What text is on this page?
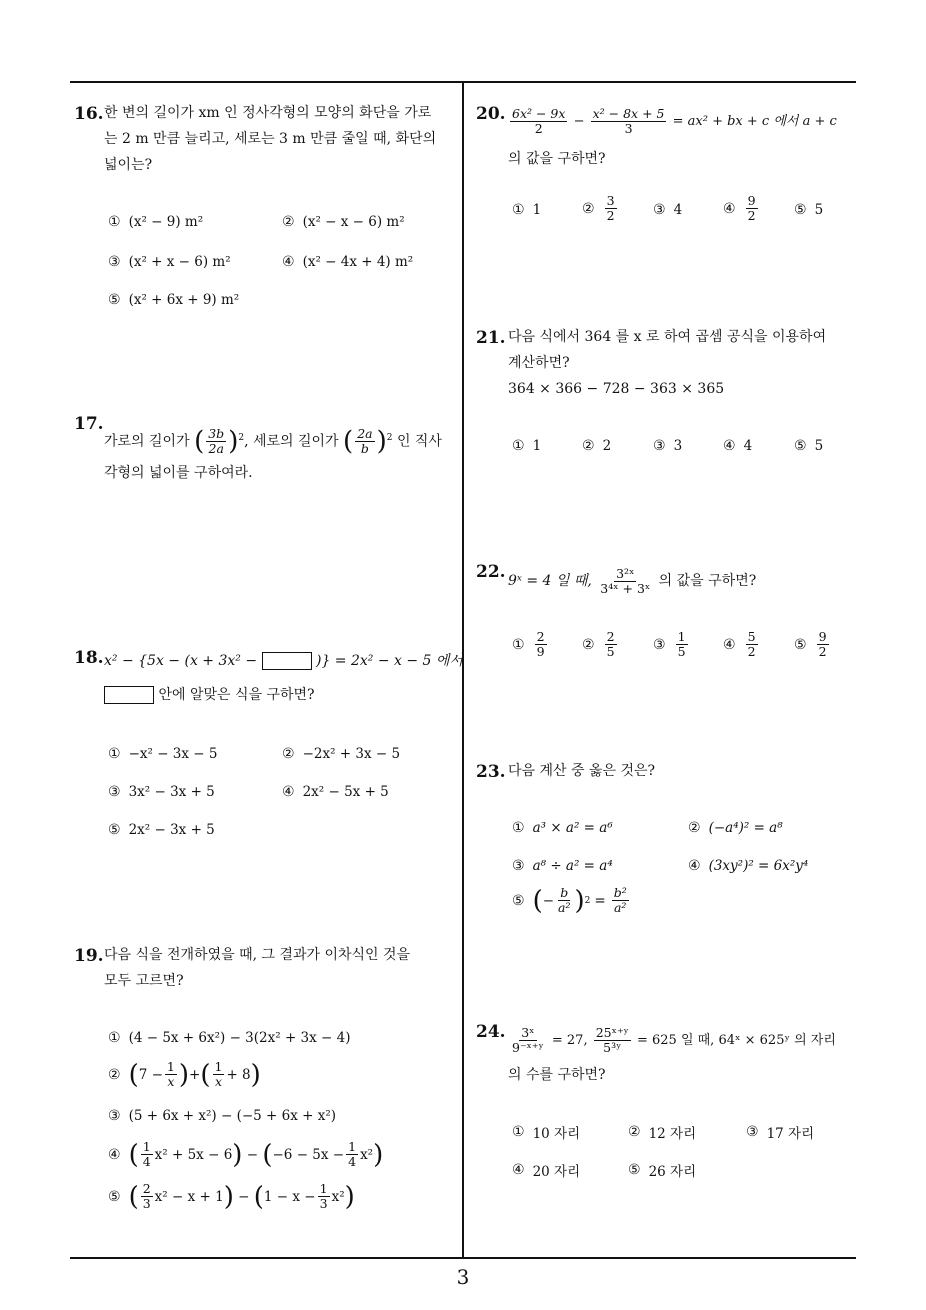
16. 한 변의 길이가 xm 인 정사각형의 모양의 화단을 가로
는 2 m 만큼 늘리고, 세로는 3 m 만큼 줄일 때, 화단의
넓이는?
① (x² − 9) m²	② (x² − x − 6) m²
③ (x² + x − 6) m²	④ (x² − 4x + 4) m²
⑤ (x² + 6x + 9) m²
17.
가로의 길이가 ( $\frac{3b}{2a} )^2$, 세로의 길이가 ( $\frac{2a}{b} )^2$ 인 직사
각형의 넓이를 구하여라.
18. x² − {5x − (x + 3x² −	)} = 2x² − x − 5 에서
안에 알맞은 식을 구하면?
① −x² − 3x − 5	② −2x² + 3x − 5
③ 3x² − 3x + 5	④ 2x² − 5x + 5
⑤ 2x² − 3x + 5
19. 다음 식을 전개하였을 때, 그 결과가 이차식인 것을
모두 고르면?
① (4 − 5x + 6x²) − 3(2x² + 3x − 4)
② ( $7 - \frac{1}{x}$ ) + ( $\frac{1}{x} + 8$ )
③ (5 + 6x + x²) − (−5 + 6x + x²)
④ ( $\frac{1}{4} x^2 + 5x - 6$ ) − ( $-6 - 5x - \frac{1}{4} x^2$ )
⑤ ( $\frac{2}{3} x^2 - x + 1$ ) − ( $1 - x - \frac{1}{3} x^2$ )
20. $\frac{\text{6x² − 9x}}{2} - \frac{\text{x² − 8x + 5}}{3} = ax^2$ + bx + c 에서 a + c
의 값을 구하면?
① 1	② $\frac{3}{2}$	③ 4	④ $\frac{9}{2}$	⑤ 5
21. 다음 식에서 364 를 x 로 하여 곱셈 공식을 이용하여
계산하면?
364 × 366 − 728 − 363 × 365
① 1	② 2	③ 3	④ 4	⑤ 5
22. 9ˣ = 4 일 때, $\frac{\text{3²ˣ}}{\text{3⁴ˣ + 3ˣ}}$ 의 값을 구하면?
① $\frac{2}{9}$	② $\frac{2}{5}$	③ $\frac{1}{5}$	④ $\frac{5}{2}$	⑤ $\frac{9}{2}$
23. 다음 계산 중 옳은 것은?
① a³ × a² = a⁶	② (−a⁴)² = a⁸
③ a⁸ ÷ a² = a⁴	④ (3xy²)² = 6x²y⁴
⑤ ( − $\frac{b}{\text{a²}}$ ) $2 = \frac{\text{b²}}{\text{a²}}$
24. $\frac{\text{3ˣ}}{\text{9⁻ˣ⁺ʸ}} = 27$, $\frac{\text{25ˣ⁺ʸ}}{\text{5³ʸ}} = 625$ 일 때, 64ˣ × 625ʸ 의 자리
의 수를 구하면?
① 10 자리	② 12 자리	③ 17 자리
④ 20 자리	⑤ 26 자리
3
